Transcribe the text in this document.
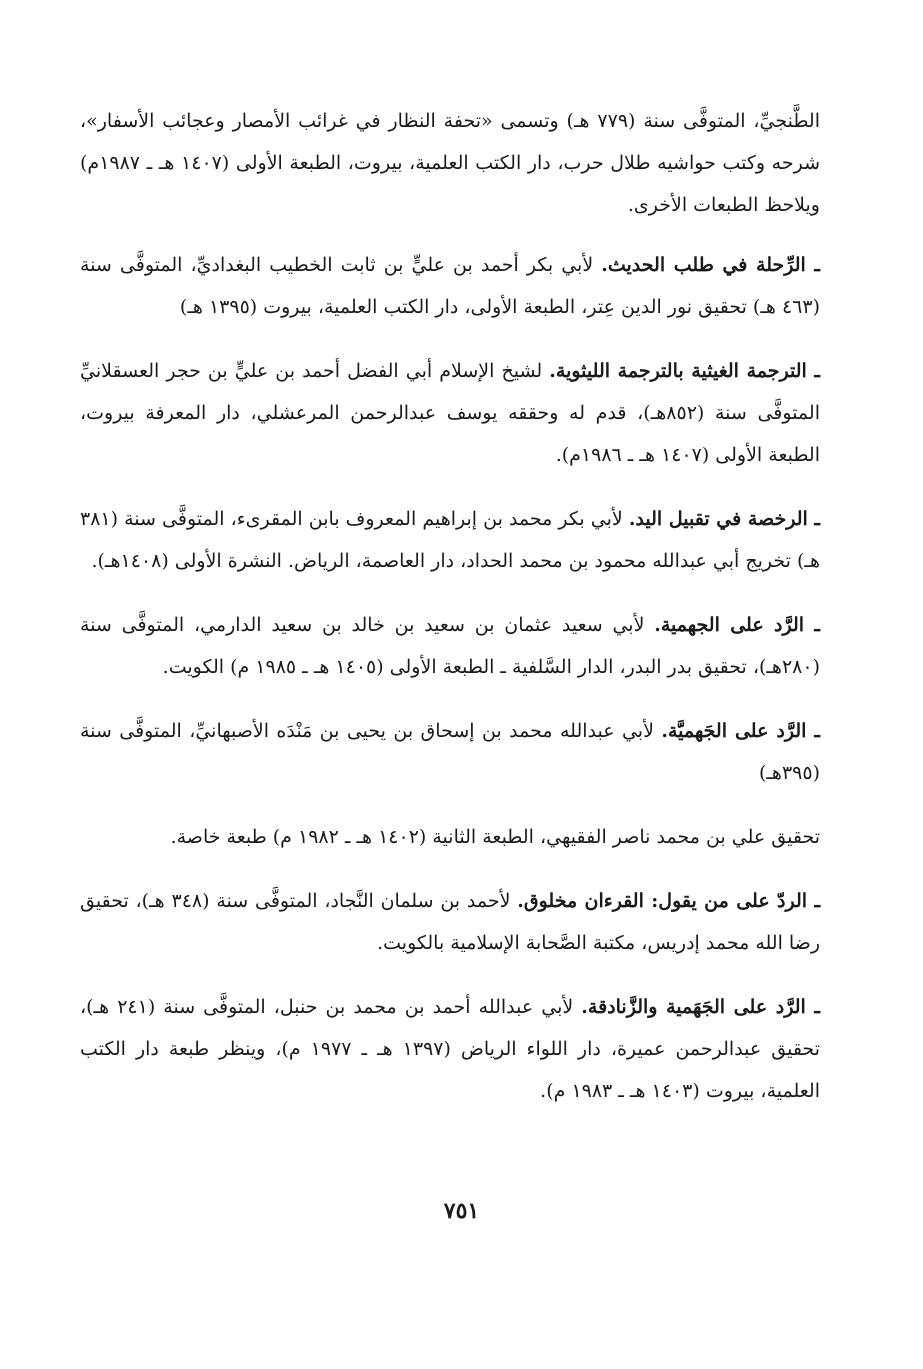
الطَّنجيِّ، المتوفَّى سنة (٧٧٩ هـ) وتسمى «تحفة النظار في غرائب الأمصار وعجائب الأسفار»، شرحه وكتب حواشيه طلال حرب، دار الكتب العلمية، بيروت، الطبعة الأولى (١٤٠٧ هـ ـ ١٩٨٧م) ويلاحظ الطبعات الأخرى.

ـ الرِّحلة في طلب الحديث. لأبي بكر أحمد بن عليٍّ بن ثابت الخطيب البغداديِّ، المتوفَّى سنة (٤٦٣ هـ) تحقيق نور الدين عِتر، الطبعة الأولى، دار الكتب العلمية، بيروت (١٣٩٥ هـ)

ـ الترجمة الغيثية بالترجمة الليثوية. لشيخ الإسلام أبي الفضل أحمد بن عليٍّ بن حجر العسقلانيِّ المتوفَّى سنة (٨٥٢هـ)، قدم له وحققه يوسف عبدالرحمن المرعشلي، دار المعرفة بيروت، الطبعة الأولى (١٤٠٧ هـ ـ ١٩٨٦م).

ـ الرخصة في تقبيل اليد. لأبي بكر محمد بن إبراهيم المعروف بابن المقرىء، المتوفَّى سنة (٣٨١ هـ) تخريج أبي عبدالله محمود بن محمد الحداد، دار العاصمة، الرياض. النشرة الأولى (١٤٠٨هـ).

ـ الرَّد على الجهمية. لأبي سعيد عثمان بن سعيد بن خالد بن سعيد الدارمي، المتوفَّى سنة (٢٨٠هـ)، تحقيق بدر البدر، الدار السَّلفية ـ الطبعة الأولى (١٤٠٥ هـ ـ ١٩٨٥ م) الكويت.

ـ الرَّد على الجَهميَّة. لأبي عبدالله محمد بن إسحاق بن يحيى بن مَنْدَه الأصبهانيِّ، المتوفَّى سنة (٣٩٥هـ)

تحقيق علي بن محمد ناصر الفقيهي، الطبعة الثانية (١٤٠٢ هـ ـ ١٩٨٢ م) طبعة خاصة.

ـ الردّ على من يقول: القرءان مخلوق. لأحمد بن سلمان النَّجاد، المتوفَّى سنة (٣٤٨ هـ)، تحقيق رضا الله محمد إدريس، مكتبة الصَّحابة الإسلامية بالكويت.

ـ الرَّد على الجَهَمية والزَّنادقة. لأبي عبدالله أحمد بن محمد بن حنبل، المتوفَّى سنة (٢٤١ هـ)، تحقيق عبدالرحمن عميرة، دار اللواء الرياض (١٣٩٧ هـ ـ ١٩٧٧ م)، وينظر طبعة دار الكتب العلمية، بيروت (١٤٠٣ هـ ـ ١٩٨٣ م).

٧٥١
